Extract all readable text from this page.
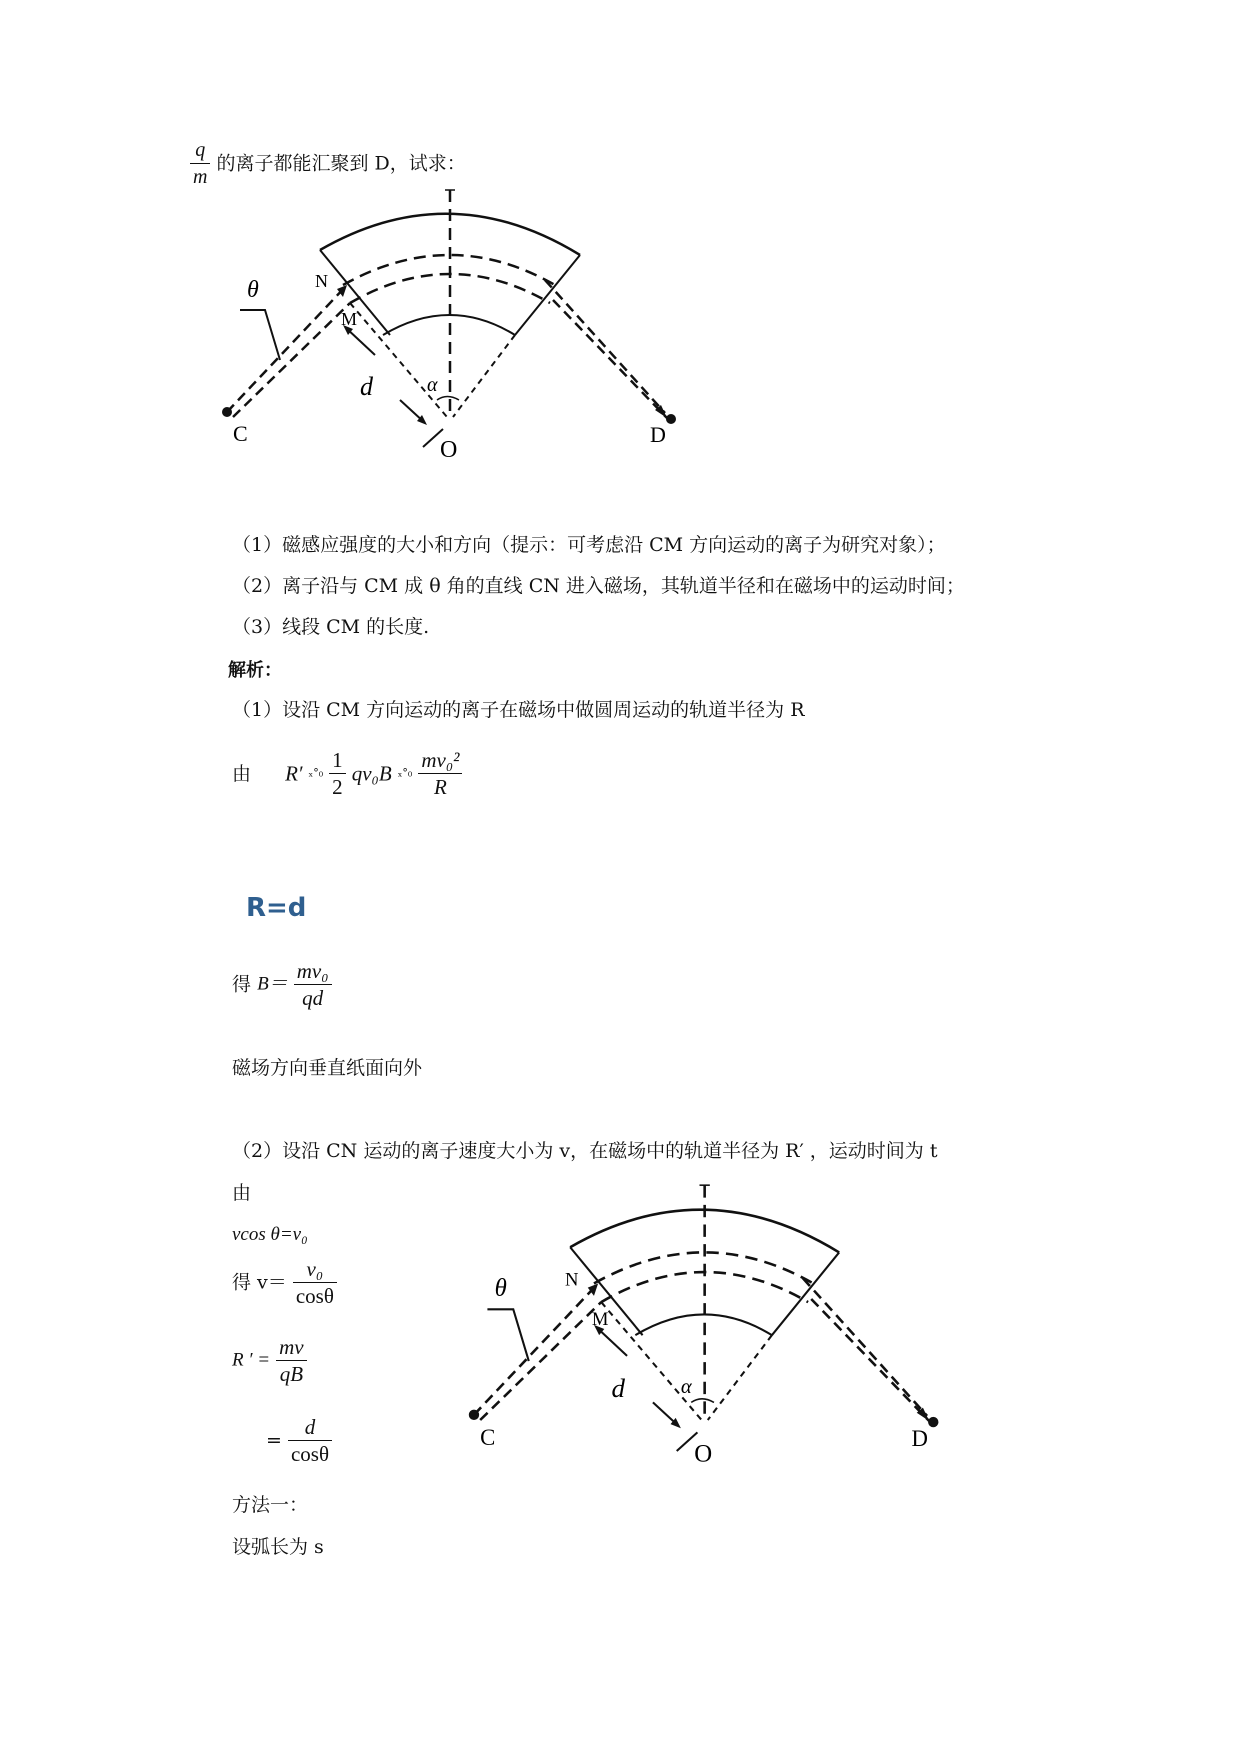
$\frac{q}{m}$ 的离子都能汇聚到 D，试求：
θ	N
M
d	α
C	D
O
（1）磁感应强度的大小和方向（提示：可考虑沿 CM 方向运动的离子为研究对象）；
（2）离子沿与 CM 成 θ 角的直线 CN 进入磁场，其轨道半径和在磁场中的运动时间；
（3）线段 CM 的长度.
解析：
（1）设沿 CM 方向运动的离子在磁场中做圆周运动的轨道半径为 R
由 R′ $_x^\circ_0 \frac{1}{2} qv_0B$ $_x^\circ_0 \frac{\text{mv₀²}}{R}$
R=d
得 $B= \frac{\text{mv₀}}{qd}$
磁场方向垂直纸面向外
（2）设沿 CN 运动的离子速度大小为 v，在磁场中的轨道半径为 R′ ，运动时间为 t
由
vcos θ=v₀
得 $v= \frac{\text{v₀}}{\cos\theta}$
R ′ = $\frac{mv}{qB}$
= $\frac{d}{\cos\theta}$
方法一：
设弧长为 s
θ	N
M
d	α
C	D
O
